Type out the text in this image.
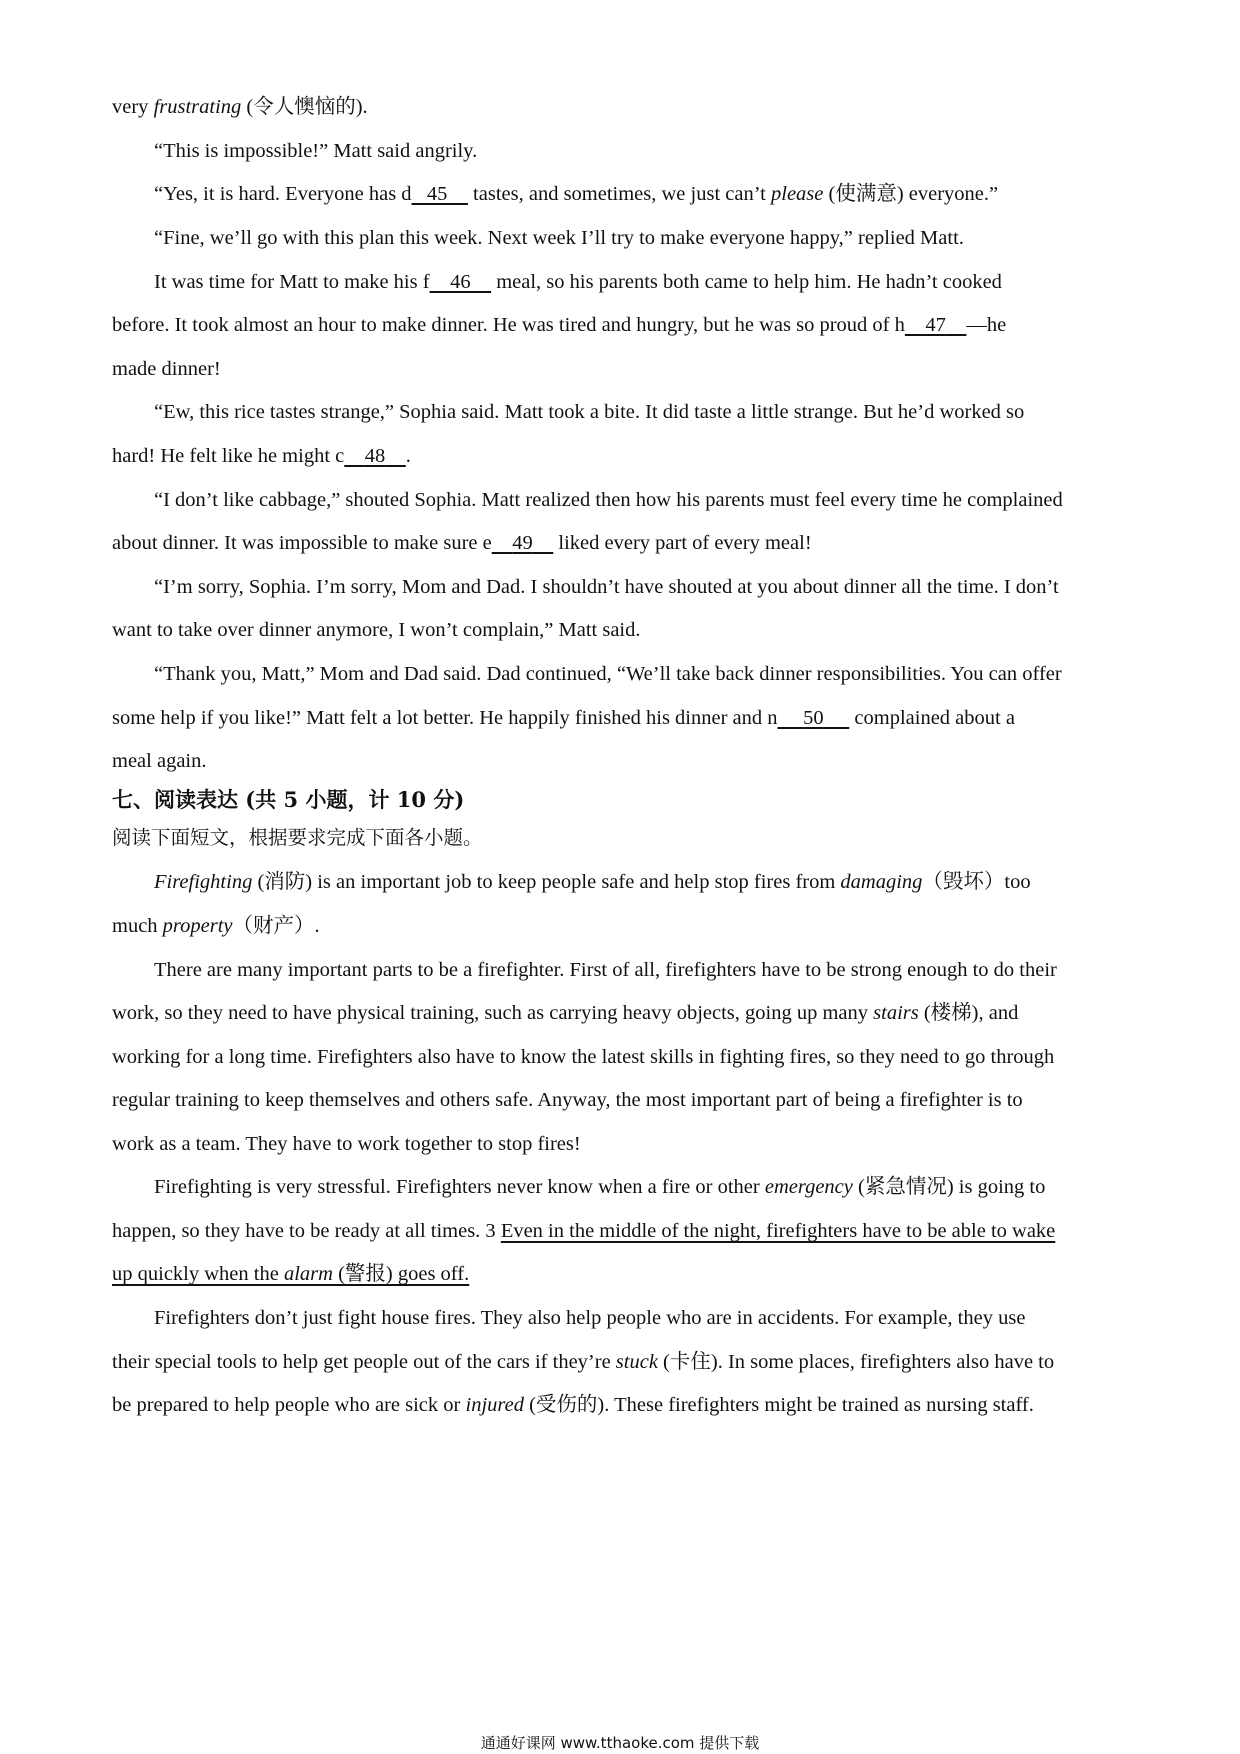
very frustrating (令人懊恼的).
“This is impossible!” Matt said angrily.
“Yes, it is hard. Everyone has d 45     tastes, and sometimes, we just can’t please (使满意) everyone.”
“Fine, we’ll go with this plan this week. Next week I’ll try to make everyone happy,” replied Matt.
It was time for Matt to make his f 46     meal, so his parents both came to help him. He hadn’t cooked
before. It took almost an hour to make dinner. He was tired and hungry, but he was so proud of h 47 —he
made dinner!
“Ew, this rice tastes strange,” Sophia said. Matt took a bite. It did taste a little strange. But he’d worked so
hard! He felt like he might c 48 .
“I don’t like cabbage,” shouted Sophia. Matt realized then how his parents must feel every time he complained
about dinner. It was impossible to make sure e 49     liked every part of every meal!
“I’m sorry, Sophia. I’m sorry, Mom and Dad. I shouldn’t have shouted at you about dinner all the time. I don’t
want to take over dinner anymore, I won’t complain,” Matt said.
“Thank you, Matt,” Mom and Dad said. Dad continued, “We’ll take back dinner responsibilities. You can offer
some help if you like!” Matt felt a lot better. He happily finished his dinner and n 50      complained about a
meal again.
七、阅读表达 (共 5 小题，计 10 分)
阅读下面短文，根据要求完成下面各小题。
Firefighting (消防) is an important job to keep people safe and help stop fires from damaging（毁坏）too
much property（财产）.
There are many important parts to be a firefighter. First of all, firefighters have to be strong enough to do their
work, so they need to have physical training, such as carrying heavy objects, going up many stairs (楼梯), and
working for a long time. Firefighters also have to know the latest skills in fighting fires, so they need to go through
regular training to keep themselves and others safe. Anyway, the most important part of being a firefighter is to
work as a team. They have to work together to stop fires!
Firefighting is very stressful. Firefighters never know when a fire or other emergency (紧急情况) is going to
happen, so they have to be ready at all times. 3 Even in the middle of the night, firefighters have to be able to wake
up quickly when the alarm (警报) goes off.
Firefighters don’t just fight house fires. They also help people who are in accidents. For example, they use
their special tools to help get people out of the cars if they’re stuck (卡住). In some places, firefighters also have to
be prepared to help people who are sick or injured (受伤的). These firefighters might be trained as nursing staff.
通通好课网 www.tthaoke.com 提供下载
